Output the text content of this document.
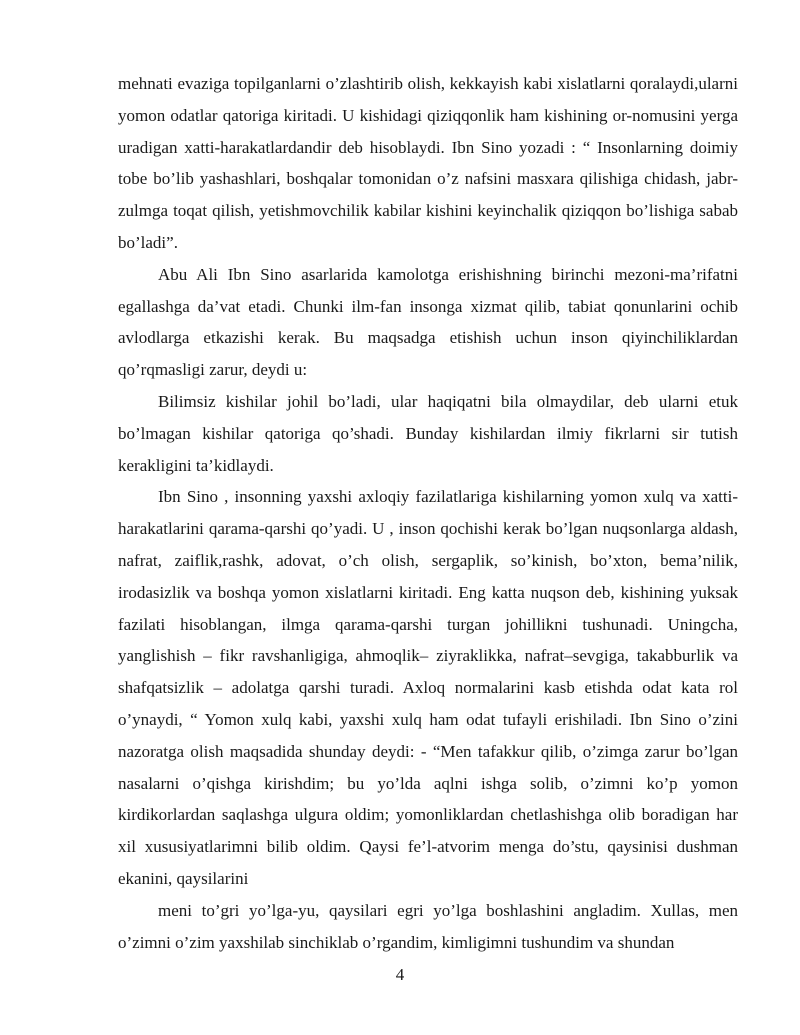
mehnati evaziga topilganlarni o’zlashtirib olish, kekkayish kabi xislatlarni qoralaydi,ularni yomon odatlar qatoriga kiritadi. U kishidagi qiziqqonlik ham kishining or-nomusini yerga uradigan xatti-harakatlardandir deb hisoblaydi. Ibn Sino yozadi : “ Insonlarning doimiy tobe bo’lib yashashlari, boshqalar tomonidan o’z nafsini masxara qilishiga chidash, jabr-zulmga toqat qilish, yetishmovchilik kabilar kishini keyinchalik qiziqqon bo’lishiga sabab bo’ladi”.

Abu Ali Ibn Sino asarlarida kamolotga erishishning birinchi mezoni-ma’rifatni egallashga da’vat etadi. Chunki ilm-fan insonga xizmat qilib, tabiat qonunlarini ochib avlodlarga etkazishi kerak. Bu maqsadga etishish uchun inson qiyinchiliklardan qo’rqmasligi zarur, deydi u:

Bilimsiz kishilar johil bo’ladi, ular haqiqatni bila olmaydilar, deb ularni etuk bo’lmagan kishilar qatoriga qo’shadi. Bunday kishilardan ilmiy fikrlarni sir tutish kerakligini ta’kidlaydi.

Ibn Sino , insonning yaxshi axloqiy fazilatlariga kishilarning yomon xulq va xatti-harakatlarini qarama-qarshi qo’yadi. U , inson qochishi kerak bo’lgan nuqsonlarga aldash, nafrat, zaiflik,rashk, adovat, o’ch olish, sergaplik, so’kinish, bo’xton, bema’nilik, irodasizlik va boshqa yomon xislatlarni kiritadi. Eng katta nuqson deb, kishining yuksak fazilati hisoblangan, ilmga qarama-qarshi turgan johillikni tushunadi. Uningcha, yanglishish – fikr ravshanligiga, ahmoqlik– ziyraklikka, nafrat–sevgiga, takabburlik va shafqatsizlik – adolatga qarshi turadi. Axloq normalarini kasb etishda odat kata rol o’ynaydi, “ Yomon xulq kabi, yaxshi xulq ham odat tufayli erishiladi. Ibn Sino o’zini nazoratga olish maqsadida shunday deydi: - “Men tafakkur qilib, o’zimga zarur bo’lgan nasalarni o’qishga kirishdim; bu yo’lda aqlni ishga solib, o’zimni ko’p yomon kirdikorlardan saqlashga ulgura oldim; yomonliklardan chetlashishga olib boradigan har xil xususiyatlarimni bilib oldim. Qaysi fe’l-atvorim menga do’stu, qaysinisi dushman ekanini, qaysilarini

meni to’gri yo’lga-yu, qaysilari egri yo’lga boshlashini angladim. Xullas, men o’zimni o’zim yaxshilab sinchiklab o’rgandim, kimligimni tushundim va shundan

4
